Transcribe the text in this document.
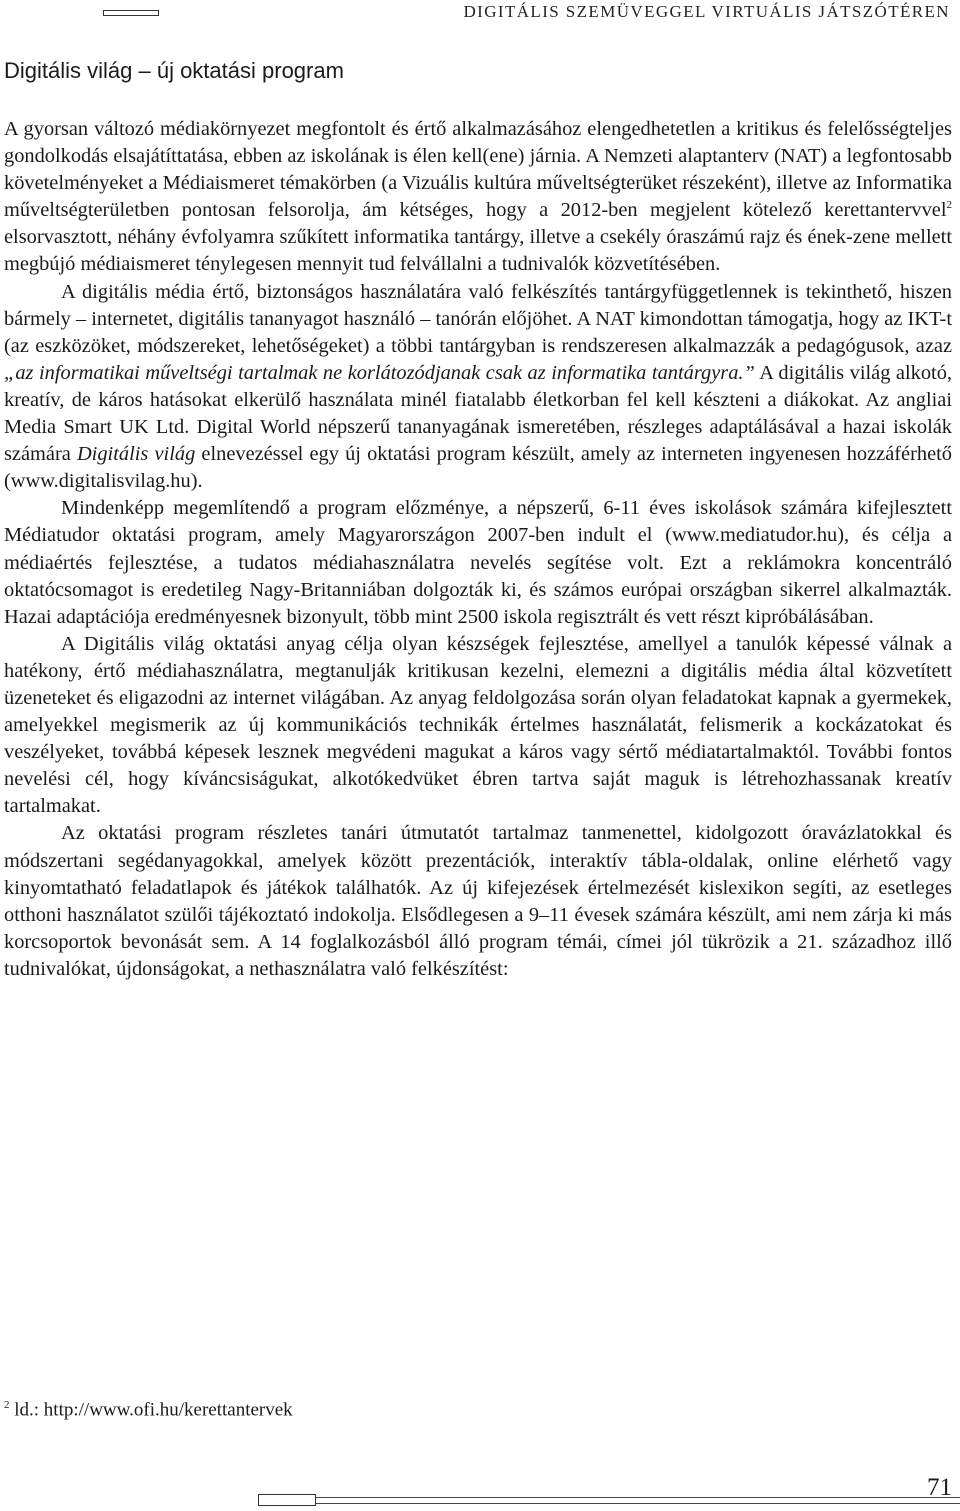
DIGITÁLIS SZEMÜVEGGEL VIRTUÁLIS JÁTSZÓTÉREN
Digitális világ – új oktatási program

A gyorsan változó médiakörnyezet megfontolt és értő alkalmazásához elengedhetetlen a kritikus és felelősségteljes gondolkodás elsajátíttatása, ebben az iskolának is élen kell(ene) járnia. A Nemzeti alaptanterv (NAT) a legfontosabb követelményeket a Médiaismeret témakörben (a Vizuális kultúra műveltségterüket részeként), illetve az Informatika műveltségterületben pontosan felsorolja, ám kétséges, hogy a 2012-ben megjelent kötelező kerettantervvel$^2$ elsorvasztott, néhány évfolyamra szűkített informatika tantárgy, illetve a csekély óraszámú rajz és ének-zene mellett megbújó médiaismeret ténylegesen mennyit tud felvállalni a tudnivalók közvetítésében.

A digitális média értő, biztonságos használatára való felkészítés tantárgyfüggetlennek is tekinthető, hiszen bármely – internetet, digitális tananyagot használó – tanórán előjöhet. A NAT kimondottan támogatja, hogy az IKT-t (az eszközöket, módszereket, lehetőségeket) a többi tantárgyban is rendszeresen alkalmazzák a pedagógusok, azaz „az informatikai műveltségi tartalmak ne korlátozódjanak csak az informatika tantárgyra.” A digitális világ alkotó, kreatív, de káros hatásokat elkerülő használata minél fiatalabb életkorban fel kell készteni a diákokat. Az angliai Media Smart UK Ltd. Digital World népszerű tananyagának ismeretében, részleges adaptálásával a hazai iskolák számára Digitális világ elnevezéssel egy új oktatási program készült, amely az interneten ingyenesen hozzáférhető (www.digitalisvilag.hu).

Mindenképp megemlítendő a program előzménye, a népszerű, 6-11 éves iskolások számára kifejlesztett Médiatudor oktatási program, amely Magyarországon 2007-ben indult el (www.mediatudor.hu), és célja a médiaértés fejlesztése, a tudatos médiahasználatra nevelés segítése volt. Ezt a reklámokra koncentráló oktatócsomagot is eredetileg Nagy-Britanniában dolgozták ki, és számos európai országban sikerrel alkalmazták. Hazai adaptációja eredményesnek bizonyult, több mint 2500 iskola regisztrált és vett részt kipróbálásában.

A Digitális világ oktatási anyag célja olyan készségek fejlesztése, amellyel a tanulók képessé válnak a hatékony, értő médiahasználatra, megtanulják kritikusan kezelni, elemezni a digitális média által közvetített üzeneteket és eligazodni az internet világában. Az anyag feldolgozása során olyan feladatokat kapnak a gyermekek, amelyekkel megismerik az új kommunikációs technikák értelmes használatát, felismerik a kockázatokat és veszélyeket, továbbá képesek lesznek megvédeni magukat a káros vagy sértő médiatartalmaktól. További fontos nevelési cél, hogy kíváncsiságukat, alkotókedvüket ébren tartva saját maguk is létrehozhassanak kreatív tartalmakat.

Az oktatási program részletes tanári útmutatót tartalmaz tanmenettel, kidolgozott óravázlatokkal és módszertani segédanyagokkal, amelyek között prezentációk, interaktív tábla-oldalak, online elérhető vagy kinyomtatható feladatlapok és játékok találhatók. Az új kifejezések értelmezését kislexikon segíti, az esetleges otthoni használatot szülői tájékoztató indokolja. Elsődlegesen a 9–11 évesek számára készült, ami nem zárja ki más korcsoportok bevonását sem. A 14 foglalkozásból álló program témái, címei jól tükrözik a 21. századhoz illő tudnivalókat, újdonságokat, a nethasználatra való felkészítést:

$^2$ ld.: http://www.ofi.hu/kerettantervek
71
